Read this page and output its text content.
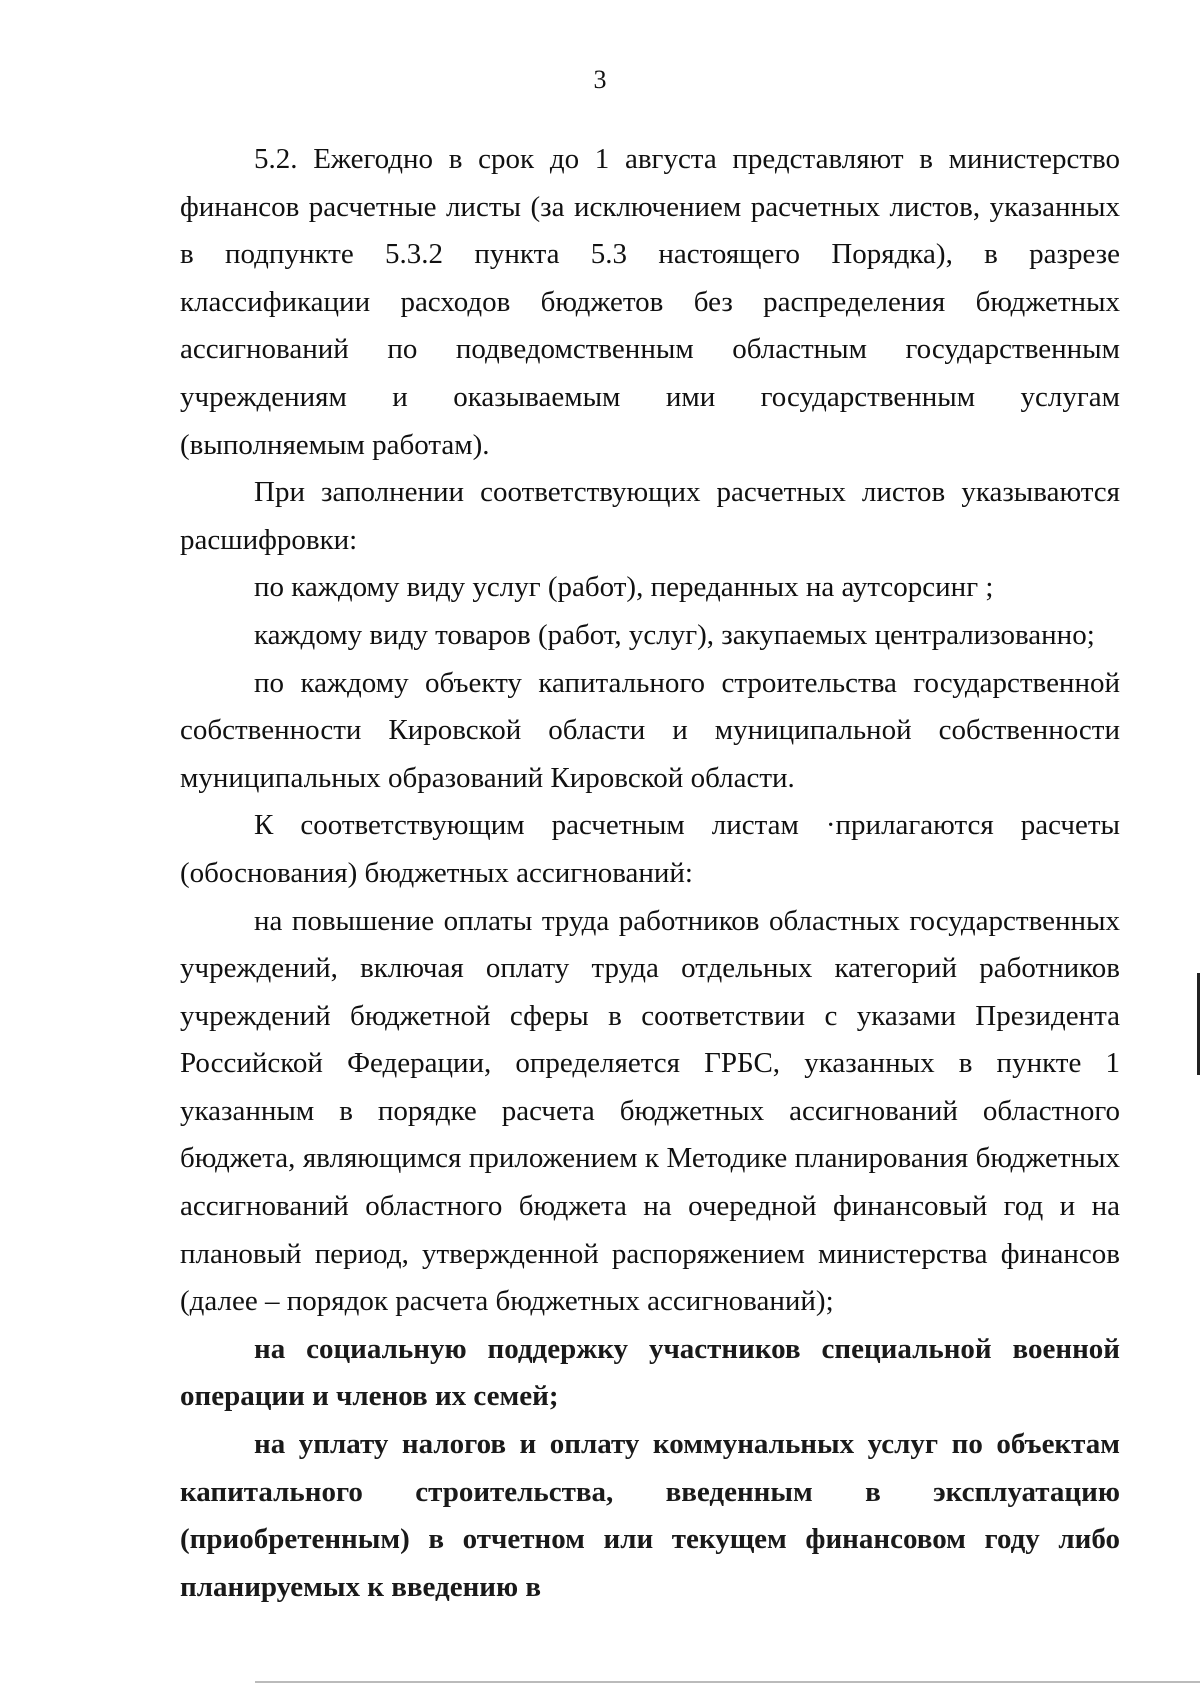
3

5.2. Ежегодно в срок до 1 августа представляют в министерство финансов расчетные листы (за исключением расчетных листов, указанных в подпункте 5.3.2 пункта 5.3 настоящего Порядка), в разрезе классификации расходов бюджетов без распределения бюджетных ассигнований по подведомственным областным государственным учреждениям и оказываемым ими государственным услугам (выполняемым работам).

При заполнении соответствующих расчетных листов указываются расшифровки:

по каждому виду услуг (работ), переданных на аутсорсинг ;

каждому виду товаров (работ, услуг), закупаемых централизованно;

по каждому объекту капитального строительства государственной собственности Кировской области и муниципальной собственности муниципальных образований Кировской области.

К соответствующим расчетным листам ·прилагаются расчеты (обоснования) бюджетных ассигнований:

на повышение оплаты труда работников областных государственных учреждений, включая оплату труда отдельных категорий работников учреждений бюджетной сферы в соответствии с указами Президента Российской Федерации, определяется ГРБС, указанных в пункте 1 указанным в порядке расчета бюджетных ассигнований областного бюджета, являющимся приложением к Методике планирования бюджетных ассигнований областного бюджета на очередной финансовый год и на плановый период, утвержденной распоряжением министерства финансов (далее – порядок расчета бюджетных ассигнований);

на социальную поддержку участников специальной военной операции и членов их семей;

на уплату налогов и оплату коммунальных услуг по объектам капитального строительства, введенным в эксплуатацию (приобретенным) в отчетном или текущем финансовом году либо планируемых к введению в
